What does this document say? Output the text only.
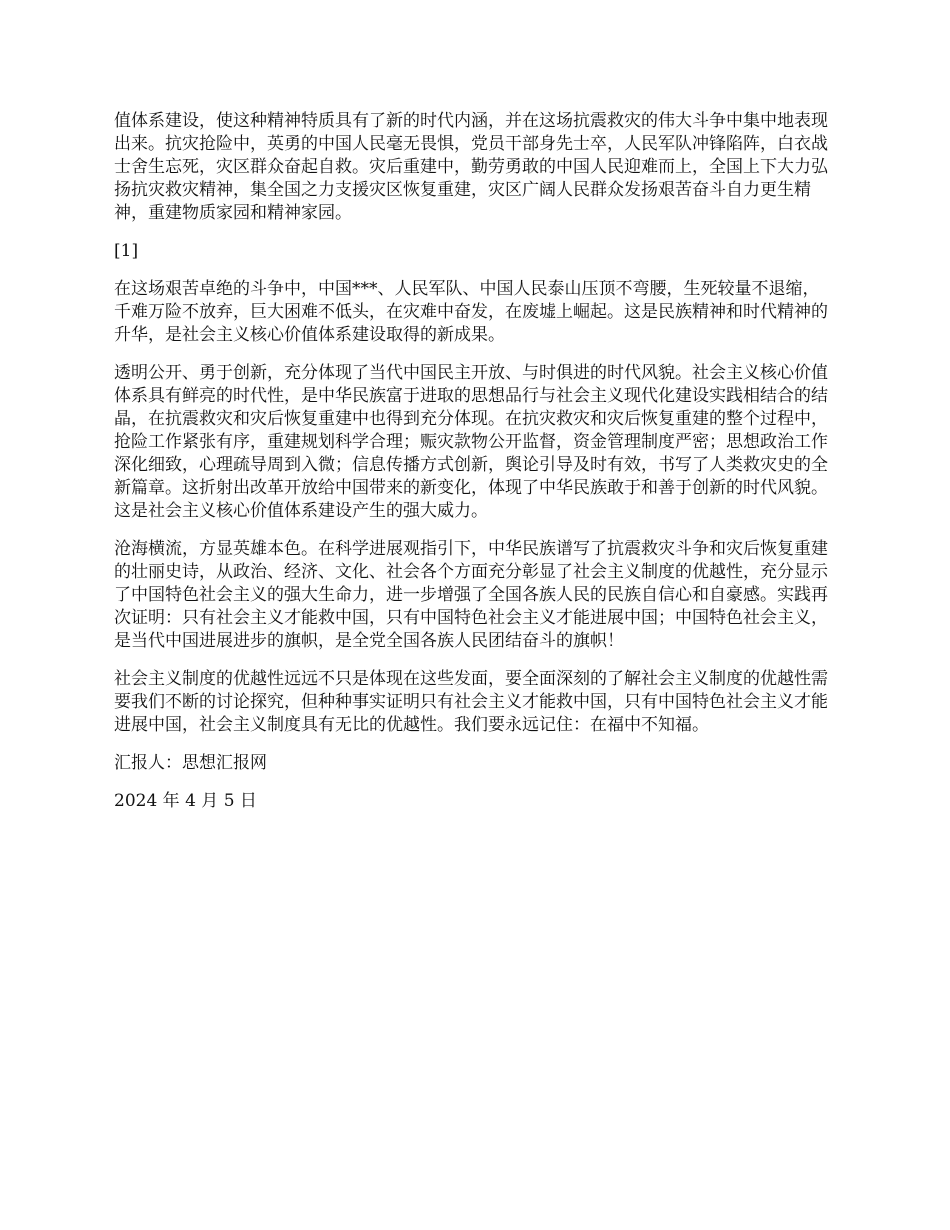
值体系建设，使这种精神特质具有了新的时代内涵，并在这场抗震救灾的伟大斗争中集中地表现出来。抗灾抢险中，英勇的中国人民毫无畏惧，党员干部身先士卒，人民军队冲锋陷阵，白衣战士舍生忘死，灾区群众奋起自救。灾后重建中，勤劳勇敢的中国人民迎难而上，全国上下大力弘扬抗灾救灾精神，集全国之力支援灾区恢复重建，灾区广阔人民群众发扬艰苦奋斗自力更生精神，重建物质家园和精神家园。

[1]

在这场艰苦卓绝的斗争中，中国***、人民军队、中国人民泰山压顶不弯腰，生死较量不退缩，千难万险不放弃，巨大困难不低头，在灾难中奋发，在废墟上崛起。这是民族精神和时代精神的升华，是社会主义核心价值体系建设取得的新成果。

透明公开、勇于创新，充分体现了当代中国民主开放、与时俱进的时代风貌。社会主义核心价值体系具有鲜亮的时代性，是中华民族富于进取的思想品行与社会主义现代化建设实践相结合的结晶，在抗震救灾和灾后恢复重建中也得到充分体现。在抗灾救灾和灾后恢复重建的整个过程中，抢险工作紧张有序，重建规划科学合理；赈灾款物公开监督，资金管理制度严密；思想政治工作深化细致，心理疏导周到入微；信息传播方式创新，舆论引导及时有效，书写了人类救灾史的全新篇章。这折射出改革开放给中国带来的新变化，体现了中华民族敢于和善于创新的时代风貌。这是社会主义核心价值体系建设产生的强大威力。

沧海横流，方显英雄本色。在科学进展观指引下，中华民族谱写了抗震救灾斗争和灾后恢复重建的壮丽史诗，从政治、经济、文化、社会各个方面充分彰显了社会主义制度的优越性，充分显示了中国特色社会主义的强大生命力，进一步增强了全国各族人民的民族自信心和自豪感。实践再次证明：只有社会主义才能救中国，只有中国特色社会主义才能进展中国；中国特色社会主义，是当代中国进展进步的旗帜，是全党全国各族人民团结奋斗的旗帜！

社会主义制度的优越性远远不只是体现在这些发面，要全面深刻的了解社会主义制度的优越性需要我们不断的讨论探究，但种种事实证明只有社会主义才能救中国，只有中国特色社会主义才能进展中国，社会主义制度具有无比的优越性。我们要永远记住：在福中不知福。

汇报人：思想汇报网

2024 年 4 月 5 日
